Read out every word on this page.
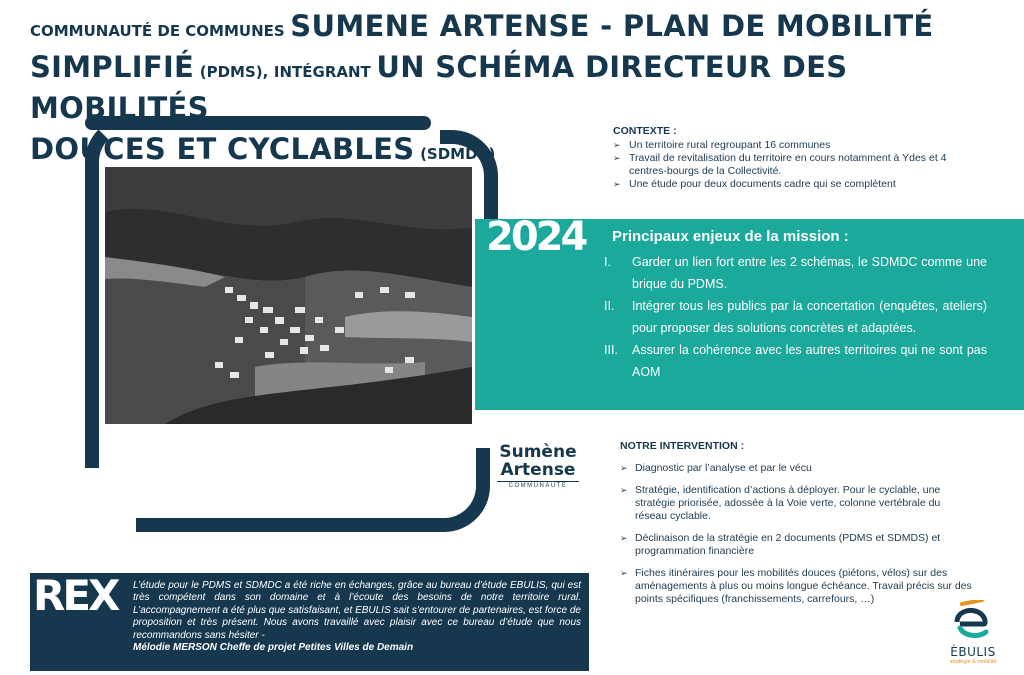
COMMUNAUTÉ DE COMMUNES SUMENE ARTENSE - PLAN DE MOBILITÉ
SIMPLIFIÉ (PDMS), INTÉGRANT UN SCHÉMA DIRECTEUR DES MOBILITÉS
DOUCES ET CYCLABLES (SDMDC)
2024
CONTEXTE :
➢ Un territoire rural regroupant 16 communes
➢ Travail de revitalisation du territoire en cours notamment à Ydes et 4 centres-bourgs de la Collectivité.
➢ Une étude pour deux documents cadre qui se complètent
Principaux enjeux de la mission :
I.	Garder un lien fort entre les 2 schémas, le SDMDC comme une brique du PDMS.
II.	Intégrer tous les publics par la concertation (enquêtes, ateliers) pour proposer des solutions concrètes et adaptées.
III.	Assurer la cohérence avec les autres territoires qui ne sont pas AOM
Sumène
Artense
COMMUNAUTÉ
NOTRE INTERVENTION :
➢ Diagnostic par l’analyse et par le vécu
➢ Stratégie, identification d’actions à déployer. Pour le cyclable, une stratégie priorisée, adossée à la Voie verte, colonne vertébrale du réseau cyclable.
➢ Déclinaison de la stratégie en 2 documents (PDMS et SDMDS) et programmation financière
➢ Fiches itinéraires pour les mobilités douces (piétons, vélos) sur des aménagements à plus ou moins longue échéance. Travail précis sur des points spécifiques (franchissements, carrefours, …)
REX L’étude pour le PDMS et SDMDC a été riche en échanges, grâce au bureau d’étude EBULIS, qui est très compétent dans son domaine et à l’écoute des besoins de notre territoire rural. L’accompagnement a été plus que satisfaisant, et EBULIS sait s’entourer de partenaires, est force de proposition et très présent. Nous avons travaillé avec plaisir avec ce bureau d’étude que nous recommandons sans hésiter -
Mélodie MERSON Cheffe de projet Petites Villes de Demain	ÈBULIS
stratégie & mobilité
